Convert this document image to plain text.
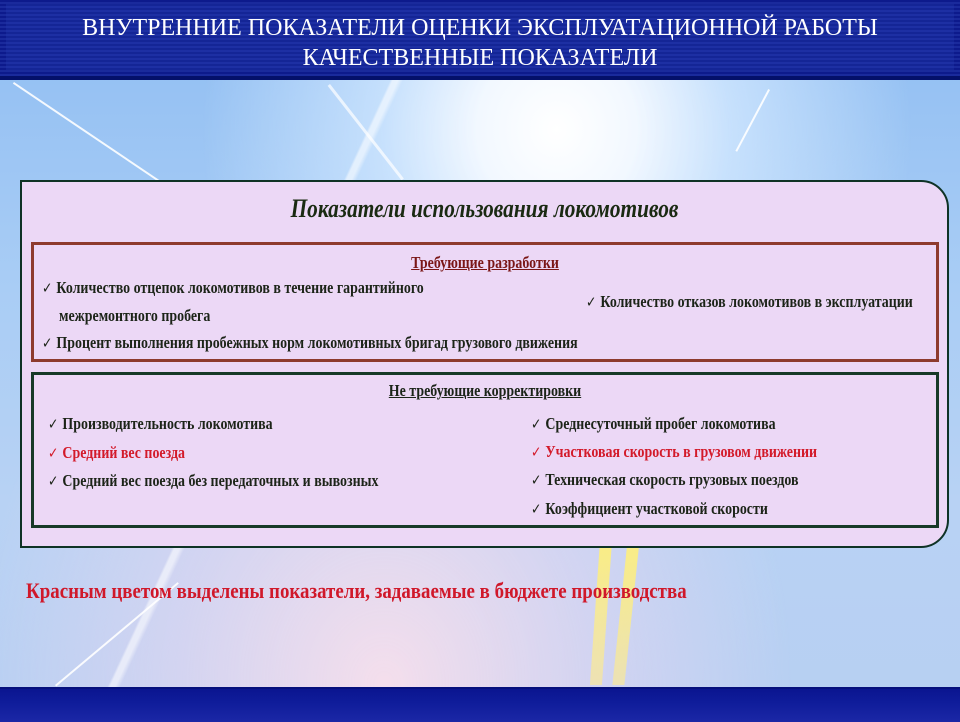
ВНУТРЕННИЕ ПОКАЗАТЕЛИ ОЦЕНКИ ЭКСПЛУАТАЦИОННОЙ РАБОТЫ
КАЧЕСТВЕННЫЕ ПОКАЗАТЕЛИ
Показатели использования локомотивов
Требующие разработки
✓ Количество отцепок локомотивов в течение гарантийного
межремонтного пробега
✓ Количество отказов локомотивов в эксплуатации
✓ Процент выполнения пробежных норм локомотивных бригад грузового движения
Не требующие корректировки
✓ Производительность локомотива
✓ Средний вес поезда
✓ Средний вес поезда без передаточных и вывозных
✓ Среднесуточный пробег локомотива
✓ Участковая скорость в грузовом движении
✓ Техническая скорость грузовых поездов
✓ Коэффициент участковой скорости
Красным цветом выделены показатели, задаваемые в бюджете производства
